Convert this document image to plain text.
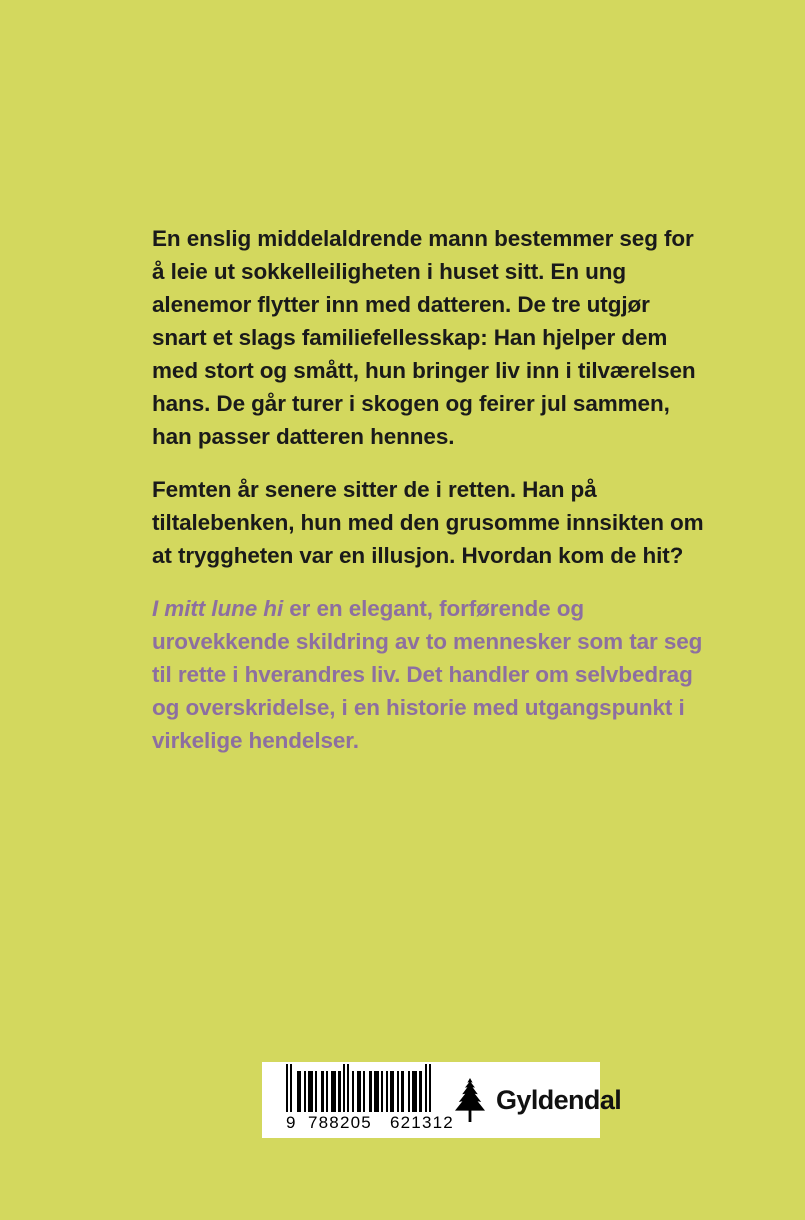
En enslig middelaldrende mann bestemmer seg for å leie ut sokkelleiligheten i huset sitt. En ung alenemor flytter inn med datteren. De tre utgjør snart et slags familiefellesskap: Han hjelper dem med stort og smått, hun bringer liv inn i tilværelsen hans. De går turer i skogen og feirer jul sammen, han passer datteren hennes.

Femten år senere sitter de i retten. Han på tiltalebenken, hun med den grusomme innsikten om at tryggheten var en illusjon. Hvordan kom de hit?

I mitt lune hi er en elegant, forførende og urovekkende skildring av to mennesker som tar seg til rette i hverandres liv. Det handler om selvbedrag og overskridelse, i en historie med utgangspunkt i virkelige hendelser.

9 788205 621312
Gyldendal
